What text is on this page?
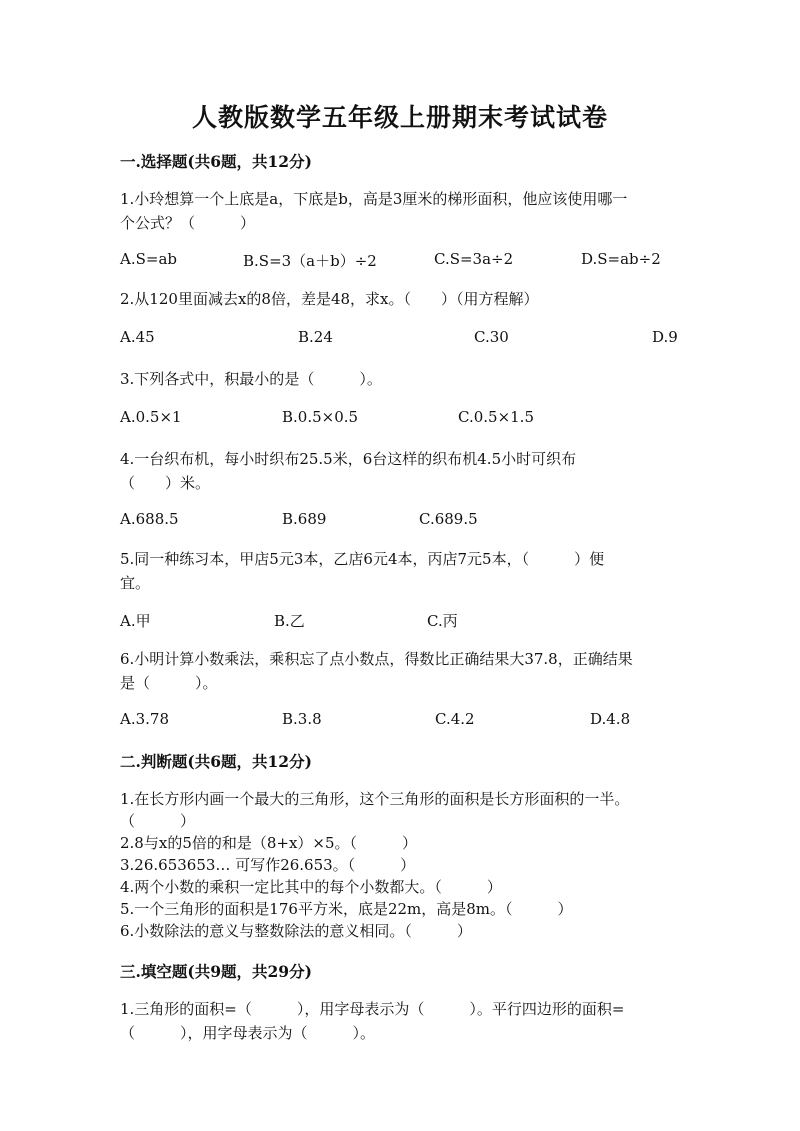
人教版数学五年级上册期末考试试卷
一.选择题(共6题，共12分)
1.小玲想算一个上底是a，下底是b，高是3厘米的梯形面积，他应该使用哪一
个公式？（　　　）
A.S=ab	B.S=3（a＋b）÷2	C.S=3a÷2	D.S=ab÷2
2.从120里面减去x的8倍，差是48，求x。（　　）（用方程解）
A.45	B.24	C.30	D.9
3.下列各式中，积最小的是（　　　）。
A.0.5×1	B.0.5×0.5	C.0.5×1.5
4.一台织布机，每小时织布25.5米，6台这样的织布机4.5小时可织布
（　　）米。
A.688.5	B.689	C.689.5
5.同一种练习本，甲店5元3本，乙店6元4本，丙店7元5本，（　　　）便
宜。
A.甲	B.乙	C.丙
6.小明计算小数乘法，乘积忘了点小数点，得数比正确结果大37.8，正确结果
是（　　　）。
A.3.78	B.3.8	C.4.2	D.4.8
二.判断题(共6题，共12分)
1.在长方形内画一个最大的三角形，这个三角形的面积是长方形面积的一半。
（　　　）
2.8与x的5倍的和是（8+x）×5。（　　　）
3.26.653653… 可写作26.653。（　　　）
4.两个小数的乘积一定比其中的每个小数都大。（　　　）
5.一个三角形的面积是176平方米，底是22m，高是8m。（　　　）
6.小数除法的意义与整数除法的意义相同。（　　　）
三.填空题(共9题，共29分)
1.三角形的面积=（　　　），用字母表示为（　　　）。平行四边形的面积=
（　　　），用字母表示为（　　　）。
